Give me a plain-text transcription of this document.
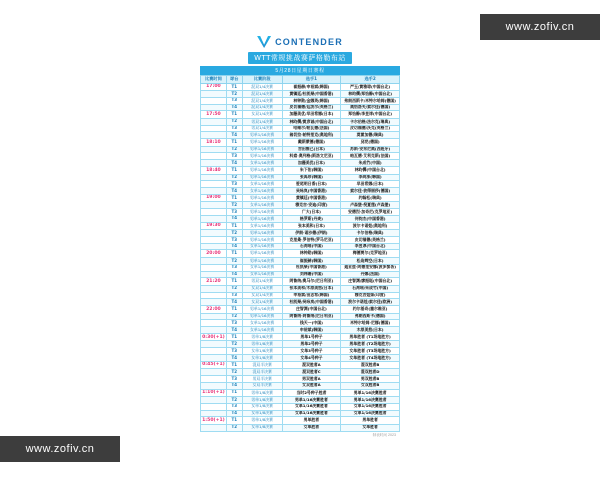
www.zofiv.cn
www.zofiv.cn
CONTENDER
WTT常规挑战赛萨格勒布站
5月28日星期日赛程
比赛时间	球台	比赛阶段	选手1	选手2
17:00	T1	混双1/4决赛	崔振赫/申裕斌(韩国)	严玉/黄雅琼(中国台北)
	T2	混双1/4决赛	黄镇廷/杜凯琹(中国香港)	林昀儒/郑怡静(中国台北)
	T3	混双1/4决赛	林钟勋/金娜英(韩国)	弗朗西斯卡/米特尔哈姆(德国)
	T4	混双1/4决赛	皮切福德/廷泼尔(英格兰)	奥恰洛夫/索尔佳(德国)
17:50	T1	女双1/4决赛	加藤美优/早田希娜(日本)	郑怡静/李昱谆(中国台北)
	T2	男双1/4决赛	林昀儒/黄彦诚(中国台北)	卡尔伯格/法尔克(瑞典)
	T3	男双1/4决赛	哈维尔/帕瓦德(法国)	皮切福德/沃克(英格兰)
	T4	男单1/16决赛	翁切拉·帕特里克(奥地利)	莫雷加德(瑞典)
18:10	T1	男单1/16决赛	戴斯蒙德(德国)	邱党(德国)
	T2	男单1/16决赛	吉田雅己(日本)	苏斯·安东尼奥(西班牙)
	T3	男单1/16决赛	科索·奥列格(斯洛文尼亚)	帕瓦德·艾利克斯(法国)
	T4	女单1/16决赛	加藤美优(日本)	朱成竹(中国)
18:40	T1	男单1/16决赛	朱下佑(韩国)	林昀儒(中国台北)
	T2	男单1/16决赛	张禹珍(韩国)	李尚洙(韩国)
	T3	女单1/16决赛	笹尾明日香(日本)	早田希娜(日本)
	T4	女单1/16决赛	吴咏岚(中国香港)	索尔佳·彼得丽莎(德国)
19:00	T1	男单1/16决赛	黄镇廷(中国香港)	约翰松(瑞典)
	T2	女单1/16决赛	穆克吉·安迪(印度)	卢森堡·倪夏莲(卢森堡)
	T3	男单1/16决赛	广大(日本)	安德烈·加奇尼(克罗地亚)
	T4	男单1/16决赛	格罗斯(丹麦)	何钧杰(中国香港)
19:30	T1	女单1/16决赛	张本美和(日本)	波尔卡诺娃(奥地利)
	T2	男单1/16决赛	伊朗·诺沙德(伊朗)	卡尔伯格(瑞典)
	T3	男单1/16决赛	克里桑·罗伯特(罗马尼亚)	皮切福德(英格兰)
	T4	女单1/16决赛	石洵瑶(中国)	李昱谆(中国台北)
20:00	T1	男单1/16决赛	林钟勋(韩国)	梅德贾尔(克罗地亚)
	T2	男单1/16决赛	崔振赫(韩国)	松岛辉空(日本)
	T3	女单1/16决赛	杜凯琹(中国香港)	迪亚兹·阿德里安娜(波多黎各)
	T4	女单1/16决赛	刘炜珊(中国)	丹娜(法国)
21:20	T1	男双1/4决赛	阿鲁纳/奥马尔(尼日利亚)	庄智渊/廖振珽(中国台北)
	T2	女双1/4决赛	张本美和/木原美悠(日本)	石洵瑶/朱成竹(中国)
	T3	女双1/4决赛	申裕斌/田志希(韩国)	穆克吉姐妹(印度)
	T4	女双1/4决赛	杜凯琹/吴咏岚(中国香港)	波尔卡诺娃/索尔佳(欧洲)
22:00	T1	男单1/16决赛	庄智渊(中国台北)	约尔基奇(塞尔维亚)
	T2	男单1/16决赛	阿鲁纳·阿鲁纳(尼日利亚)	弗朗西斯卡(德国)
	T3	女单1/16决赛	钱天一(中国)	米特尔哈姆·尼娜(德国)
	T4	女单1/16决赛	申裕斌(韩国)	木原美悠(日本)
0:30(+1)	T1	男单1/8决赛	男单1号种子	男单胜者 (T1场地胜方)
	T2	男单1/8决赛	男单2号种子	男单胜者 (T2场地胜方)
	T3	女单1/8决赛	女单3号种子	女单胜者 (T3场地胜方)
	T4	女单1/8决赛	女单4号种子	女单胜者 (T4场地胜方)
0:45(+1)	T1	混双半决赛	混双胜者A	混双胜者B
	T2	混双半决赛	混双胜者C	混双胜者D
	T3	男双半决赛	男双胜者A	男双胜者B
	T4	女双半决赛	女双胜者A	女双胜者B
1:10(+1)	T1	男单1/8决赛	当时2号种子胜者	男单1/16决赛胜者
	T2	男单1/8决赛	男单1/16决赛胜者	男单1/16决赛胜者
	T3	女单1/8决赛	女单1/16决赛胜者	女单1/16决赛胜者
	T4	女单1/8决赛	女单1/16决赛胜者	女单1/16决赛胜者
1:50(+1)	T1	男单1/8决赛	男单胜者	男单胜者
	T2	女单1/8决赛	女单胜者	女单胜者
制表时间 2023
